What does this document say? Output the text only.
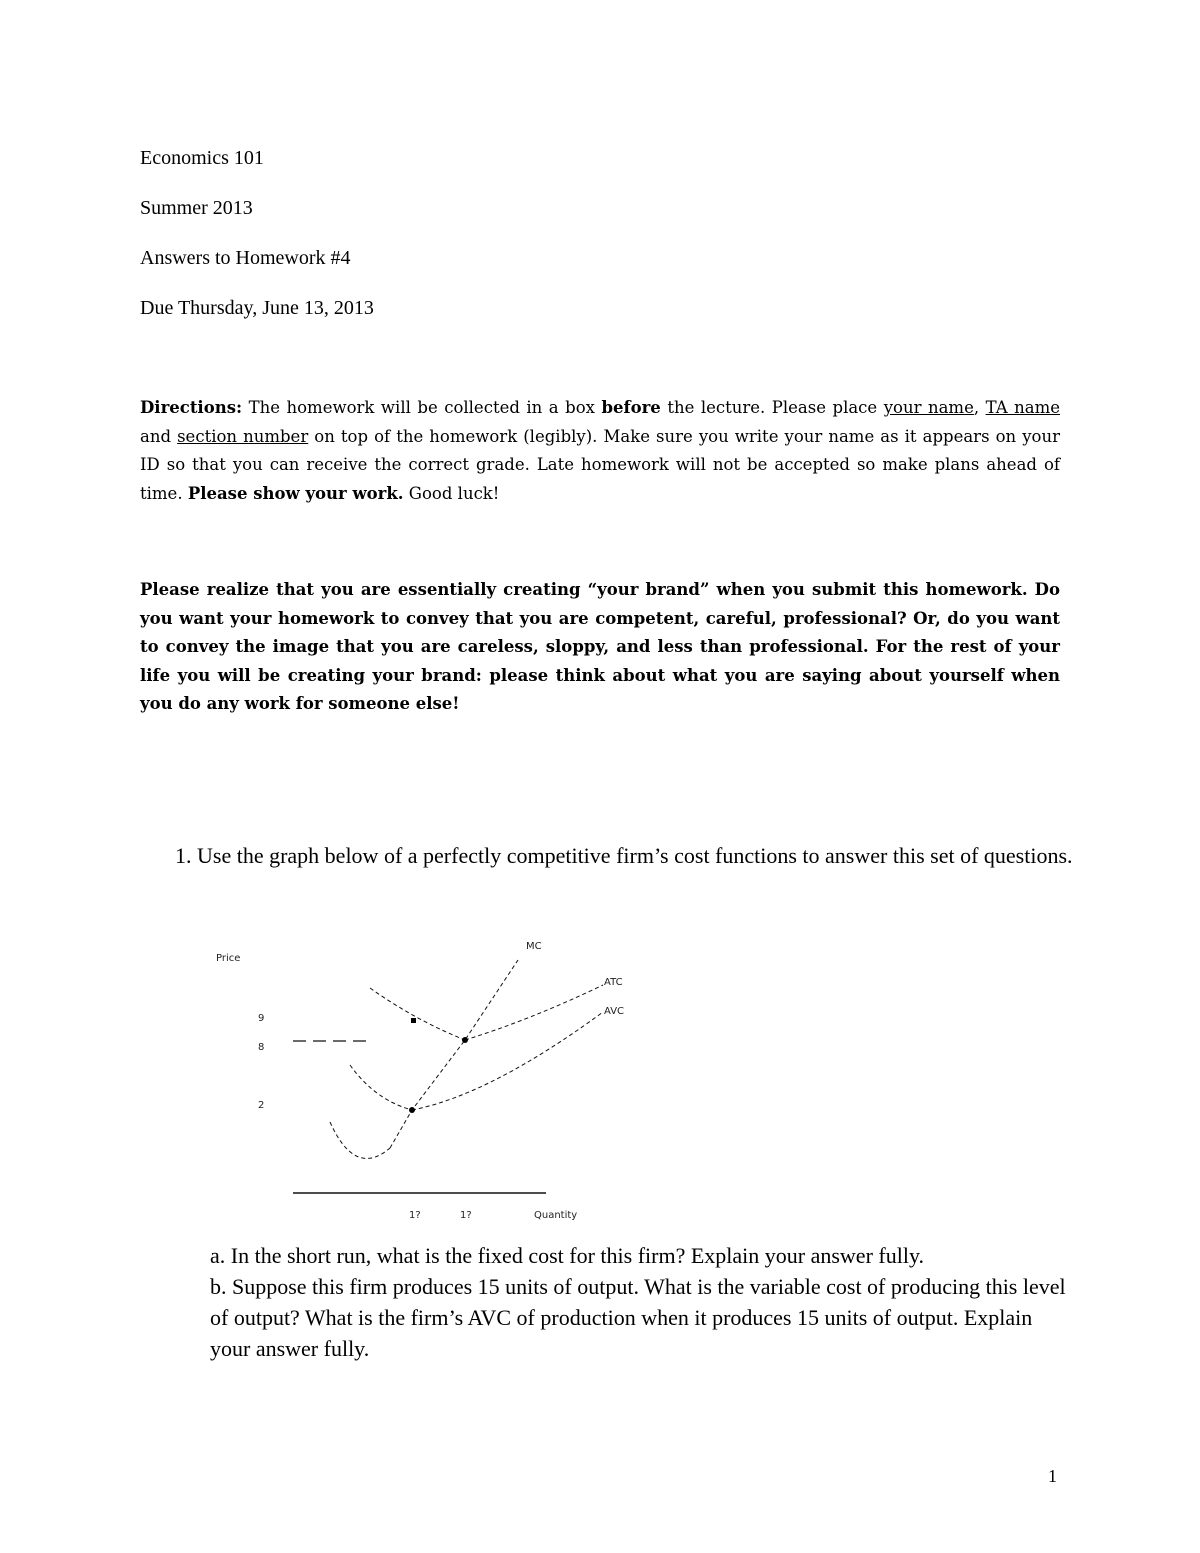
Economics 101
Summer 2013
Answers to Homework #4
Due Thursday, June 13, 2013
Directions: The homework will be collected in a box before the lecture. Please place your name, TA name and section number on top of the homework (legibly). Make sure you write your name as it appears on your ID so that you can receive the correct grade. Late homework will not be accepted so make plans ahead of time. Please show your work. Good luck!
Please realize that you are essentially creating “your brand” when you submit this homework. Do you want your homework to convey that you are competent, careful, professional? Or, do you want to convey the image that you are careless, sloppy, and less than professional. For the rest of your life you will be creating your brand: please think about what you are saying about yourself when you do any work for someone else!
1. Use the graph below of a perfectly competitive firm’s cost functions to answer this set of questions.
Price
9
8
2
MC
ATC
AVC
1?	1?	Quantity
a. In the short run, what is the fixed cost for this firm? Explain your answer fully.
b. Suppose this firm produces 15 units of output. What is the variable cost of producing this level of output? What is the firm’s AVC of production when it produces 15 units of output. Explain your answer fully.
1
